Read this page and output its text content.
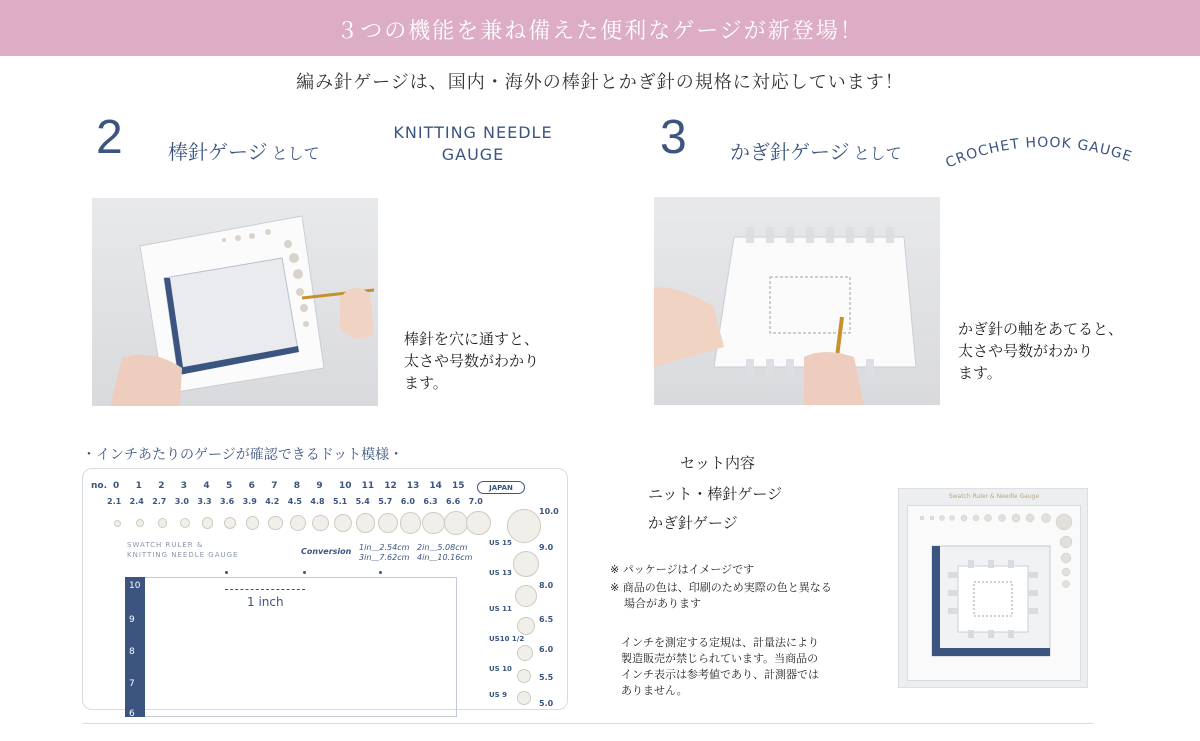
３つの機能を兼ね備えた便利なゲージが新登場！
編み針ゲージは、国内・海外の棒針とかぎ針の規格に対応しています！
2 棒針ゲージ として
KNITTING NEEDLE
GAUGE
棒針を穴に通すと、
太さや号数がわかり
ます。
3 かぎ針ゲージ として	CROCHET HOOK GAUGE
かぎ針の軸をあてると、
太さや号数がわかり
ます。
・インチあたりのゲージが確認できるドット模様・
no. 0 1 2 3 4 5 6 7 8 9 10 11 12 13 14 15
2.1 2.4 2.7 3.0 3.3 3.6 3.9 4.2 4.5 4.8 5.1 5.4 5.7 6.0 6.3 6.6 7.0
JAPAN
SWATCH RULER &
KNITTING NEEDLE GAUGE	Conversion 1in＿2.54cm
3in＿7.62cm
2in＿5.08cm
4in＿10.16cm
10
9
8
7
6
1 inch
US 15
US 13
US 11
US10 1/2
US 10
US 9
10.0
9.0
8.0
6.5
6.0
5.5
5.0
セット内容
ニット・棒針ゲージ
かぎ針ゲージ
※ パッケージはイメージです
※ 商品の色は、印刷のため実際の色と異なる
場合があります
インチを測定する定規は、計量法により
製造販売が禁じられています。当商品の
インチ表示は参考値であり、計測器では
ありません。
Swatch Ruler & Needle Gauge
